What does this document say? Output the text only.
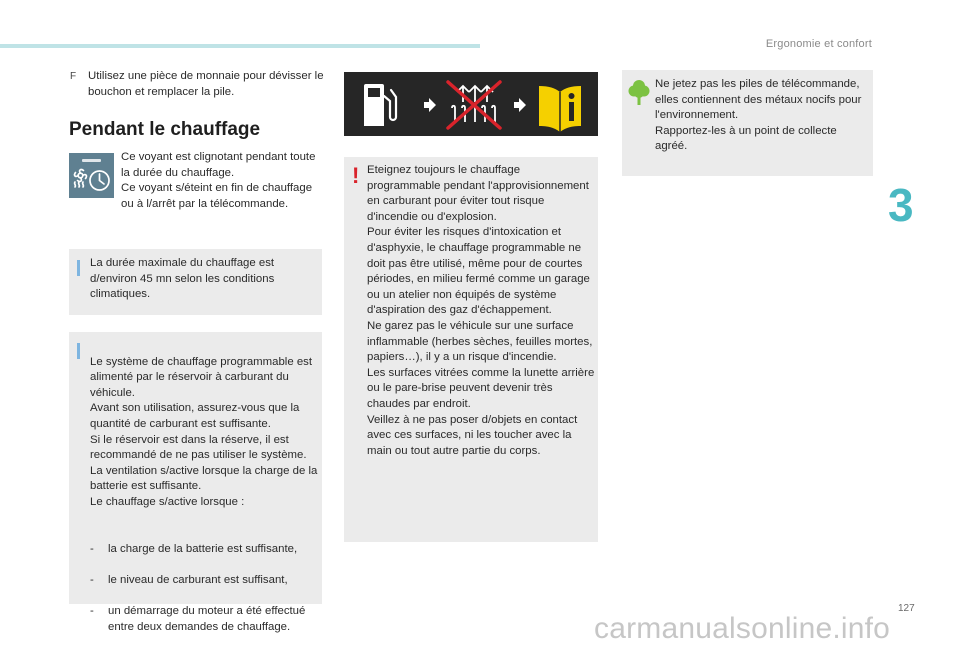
Ergonomie et confort
3
F	Utilisez une pièce de monnaie pour dévisser le bouchon et remplacer la pile.
Pendant le chauffage
Ce voyant est clignotant pendant toute la durée du chauffage.
Ce voyant s/éteint en fin de chauffage ou à l/arrêt par la télécommande.
La durée maximale du chauffage est d/environ 45 mn selon les conditions climatiques.

Le système de chauffage programmable est alimenté par le réservoir à carburant du véhicule.
Avant son utilisation, assurez-vous que la quantité de carburant est suffisante.
Si le réservoir est dans la réserve, il est recommandé de ne pas utiliser le système.
La ventilation s/active lorsque la charge de la batterie est suffisante.
Le chauffage s/active lorsque :

- la charge de la batterie est suffisante,

- le niveau de carburant est suffisant,

- un démarrage du moteur a été effectué entre deux demandes de chauffage.

! Eteignez toujours le chauffage programmable pendant l'approvisionnement en carburant pour éviter tout risque d'incendie ou d'explosion.
Pour éviter les risques d'intoxication et d'asphyxie, le chauffage programmable ne doit pas être utilisé, même pour de courtes périodes, en milieu fermé comme un garage ou un atelier non équipés de système d'aspiration des gaz d'échappement.
Ne garez pas le véhicule sur une surface inflammable (herbes sèches, feuilles mortes, papiers…), il y a un risque d'incendie.
Les surfaces vitrées comme la lunette arrière ou le pare-brise peuvent devenir très chaudes par endroit.
Veillez à ne pas poser d/objets en contact avec ces surfaces, ni les toucher avec la main ou tout autre partie du corps.
Ne jetez pas les piles de télécommande, elles contiennent des métaux nocifs pour l'environnement.
Rapportez-les à un point de collecte agréé.
127
carmanualsonline.info
